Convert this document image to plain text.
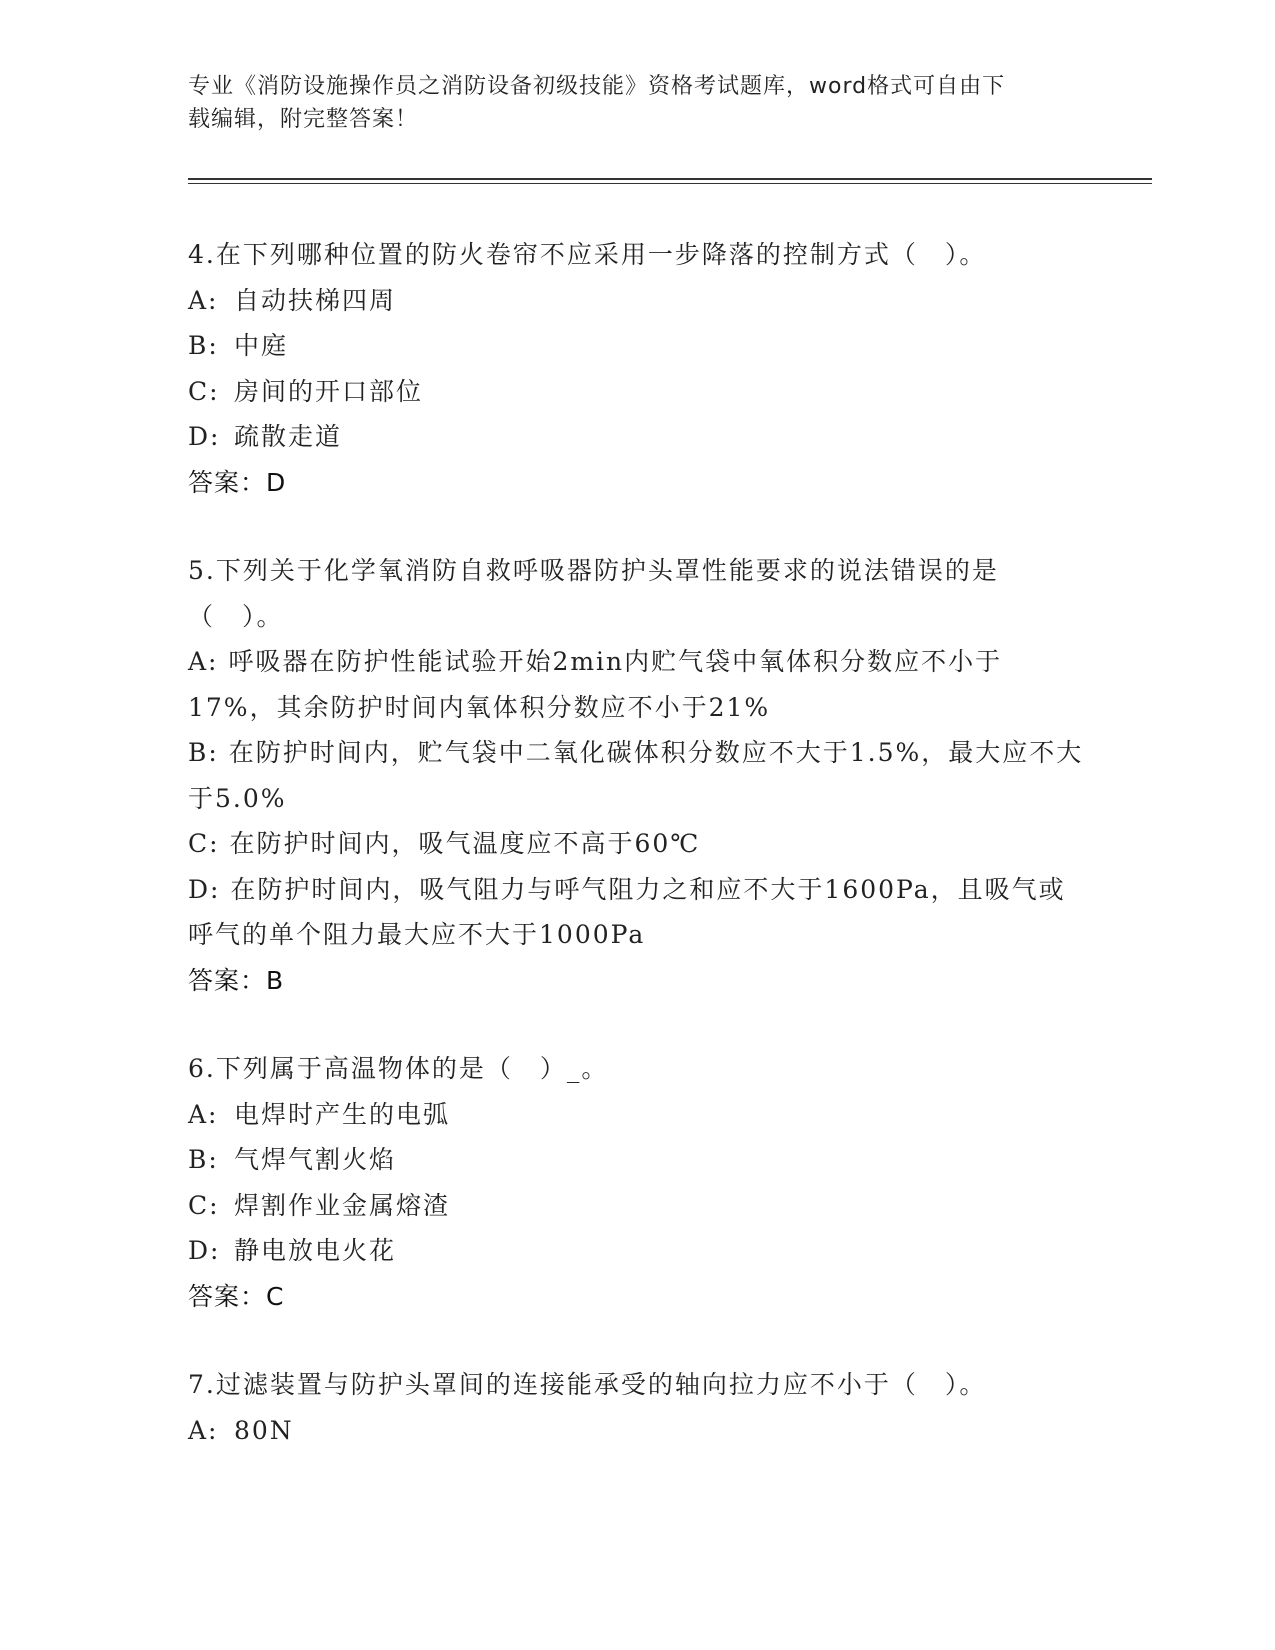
专业《消防设施操作员之消防设备初级技能》资格考试题库，word格式可自由下
载编辑，附完整答案！
4.在下列哪种位置的防火卷帘不应采用一步降落的控制方式（　）。
A: 自动扶梯四周
B: 中庭
C: 房间的开口部位
D: 疏散走道
答案：D
5.下列关于化学氧消防自救呼吸器防护头罩性能要求的说法错误的是（　）。
A: 呼吸器在防护性能试验开始2min内贮气袋中氧体积分数应不小于17%，其余防护时间内氧体积分数应不小于21%
B: 在防护时间内，贮气袋中二氧化碳体积分数应不大于1.5%，最大应不大于5.0%
C: 在防护时间内，吸气温度应不高于60℃
D: 在防护时间内，吸气阻力与呼气阻力之和应不大于1600Pa，且吸气或呼气的单个阻力最大应不大于1000Pa
答案：B
6.下列属于高温物体的是（　）_。
A: 电焊时产生的电弧
B: 气焊气割火焰
C: 焊割作业金属熔渣
D: 静电放电火花
答案：C
7.过滤装置与防护头罩间的连接能承受的轴向拉力应不小于（　）。
A: 80N
